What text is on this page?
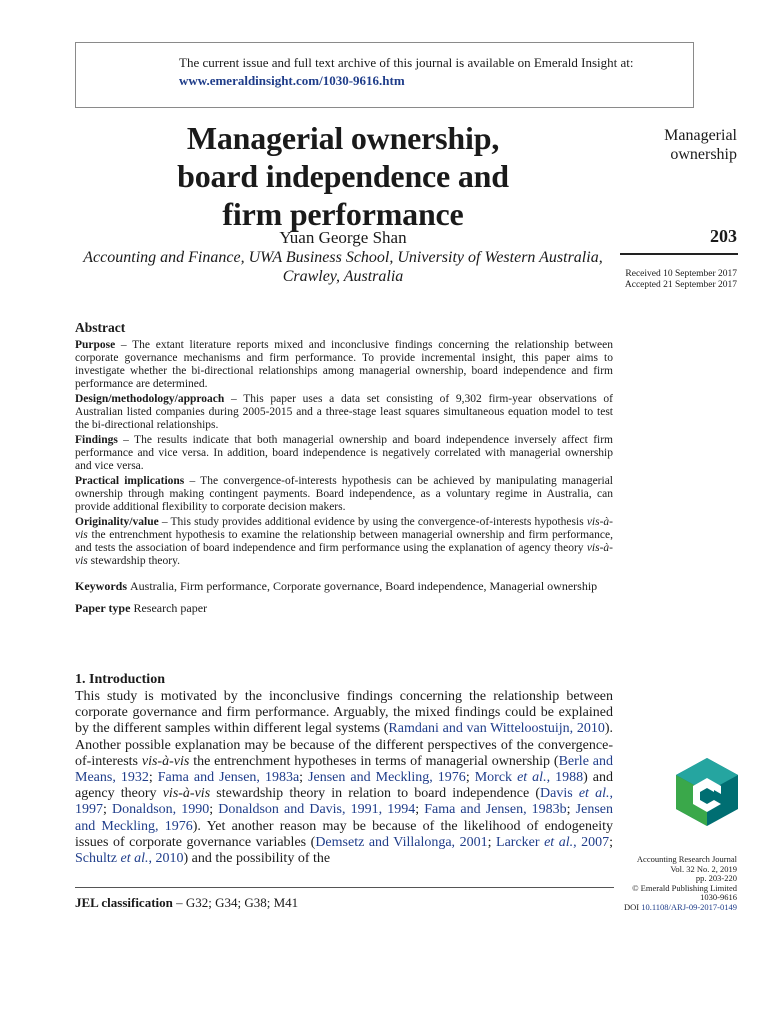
The current issue and full text archive of this journal is available on Emerald Insight at:
www.emeraldinsight.com/1030-9616.htm
Managerial ownership,
board independence and
firm performance
Yuan George Shan
Accounting and Finance, UWA Business School, University of Western Australia,
Crawley, Australia
Managerial
ownership
203
Received 10 September 2017
Accepted 21 September 2017
Abstract

Purpose – The extant literature reports mixed and inconclusive findings concerning the relationship between corporate governance mechanisms and firm performance. To provide incremental insight, this paper aims to investigate whether the bi-directional relationships among managerial ownership, board independence and firm performance are determined.

Design/methodology/approach – This paper uses a data set consisting of 9,302 firm-year observations of Australian listed companies during 2005-2015 and a three-stage least squares simultaneous equation model to test the bi-directional relationships.

Findings – The results indicate that both managerial ownership and board independence inversely affect firm performance and vice versa. In addition, board independence is negatively correlated with managerial ownership and vice versa.

Practical implications – The convergence-of-interests hypothesis can be achieved by manipulating managerial ownership through making contingent payments. Board independence, as a voluntary regime in Australia, can provide additional flexibility to corporate decision makers.

Originality/value – This study provides additional evidence by using the convergence-of-interests hypothesis vis-à-vis the entrenchment hypothesis to examine the relationship between managerial ownership and firm performance, and tests the association of board independence and firm performance using the explanation of agency theory vis-à-vis stewardship theory.

Keywords Australia, Firm performance, Corporate governance, Board independence, Managerial ownership

Paper type Research paper

1. Introduction
This study is motivated by the inconclusive findings concerning the relationship between corporate governance and firm performance. Arguably, the mixed findings could be explained by the different samples within different legal systems (Ramdani and van Witteloostuijn, 2010). Another possible explanation may be because of the different perspectives of the convergence-of-interests vis-à-vis the entrenchment hypotheses in terms of managerial ownership (Berle and Means, 1932; Fama and Jensen, 1983a; Jensen and Meckling, 1976; Morck et al., 1988) and agency theory vis-à-vis stewardship theory in relation to board independence (Davis et al., 1997; Donaldson, 1990; Donaldson and Davis, 1991, 1994; Fama and Jensen, 1983b; Jensen and Meckling, 1976). Yet another reason may be because of the likelihood of endogeneity issues of corporate governance variables (Demsetz and Villalonga, 2001; Larcker et al., 2007; Schultz et al., 2010) and the possibility of the
JEL classification – G32; G34; G38; M41
Accounting Research Journal
Vol. 32 No. 2, 2019
pp. 203-220
© Emerald Publishing Limited
1030-9616
DOI 10.1108/ARJ-09-2017-0149
